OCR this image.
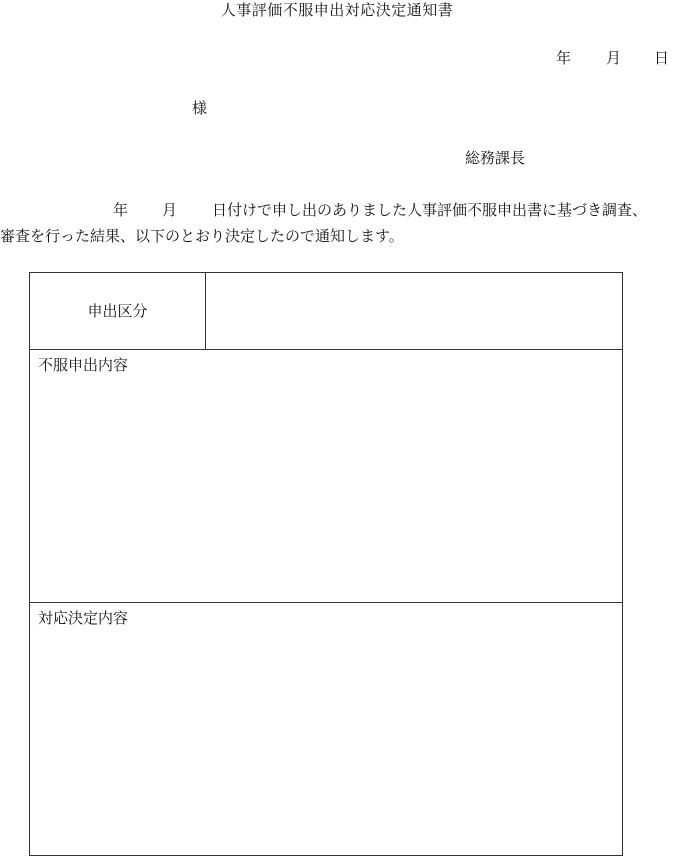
人事評価不服申出対応決定通知書
年 月 日
様
総務課長
年 月 日付けで申し出のありました人事評価不服申出書に基づき調査、
審査を行った結果、以下のとおり決定したので通知します。
申出区分
不服申出内容
対応決定内容
